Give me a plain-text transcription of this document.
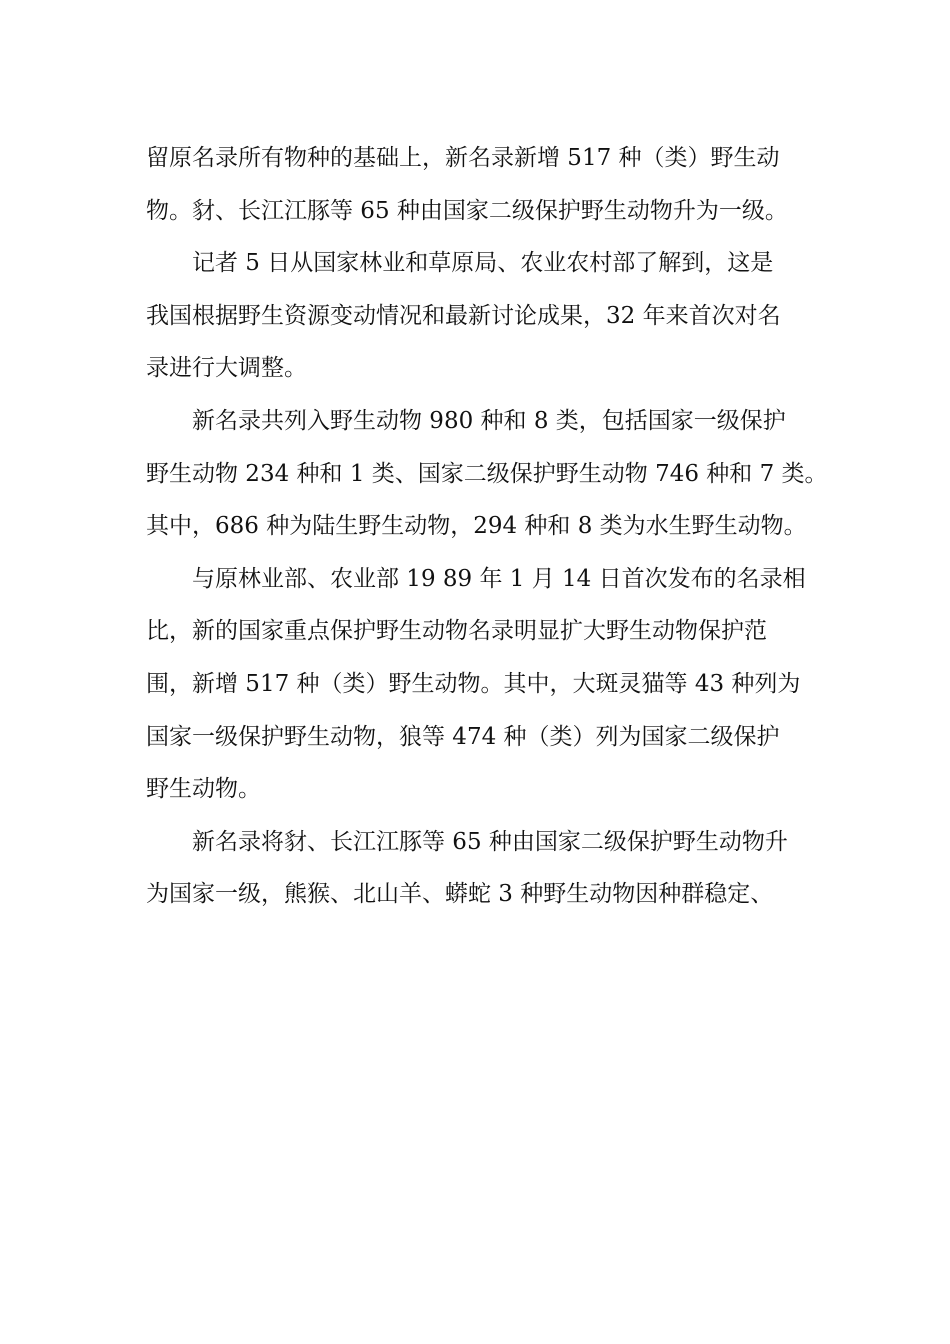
留原名录所有物种的基础上，新名录新增 517 种（类）野生动
物。豺、长江江豚等 65 种由国家二级保护野生动物升为一级。
记者 5 日从国家林业和草原局、农业农村部了解到，这是
我国根据野生资源变动情况和最新讨论成果，32 年来首次对名
录进行大调整。
新名录共列入野生动物 980 种和 8 类，包括国家一级保护
野生动物 234 种和 1 类、国家二级保护野生动物 746 种和 7 类。
其中，686 种为陆生野生动物，294 种和 8 类为水生野生动物。
与原林业部、农业部 19 89 年 1 月 14 日首次发布的名录相
比，新的国家重点保护野生动物名录明显扩大野生动物保护范
围，新增 517 种（类）野生动物。其中，大斑灵猫等 43 种列为
国家一级保护野生动物，狼等 474 种（类）列为国家二级保护
野生动物。
新名录将豺、长江江豚等 65 种由国家二级保护野生动物升
为国家一级，熊猴、北山羊、蟒蛇 3 种野生动物因种群稳定、
